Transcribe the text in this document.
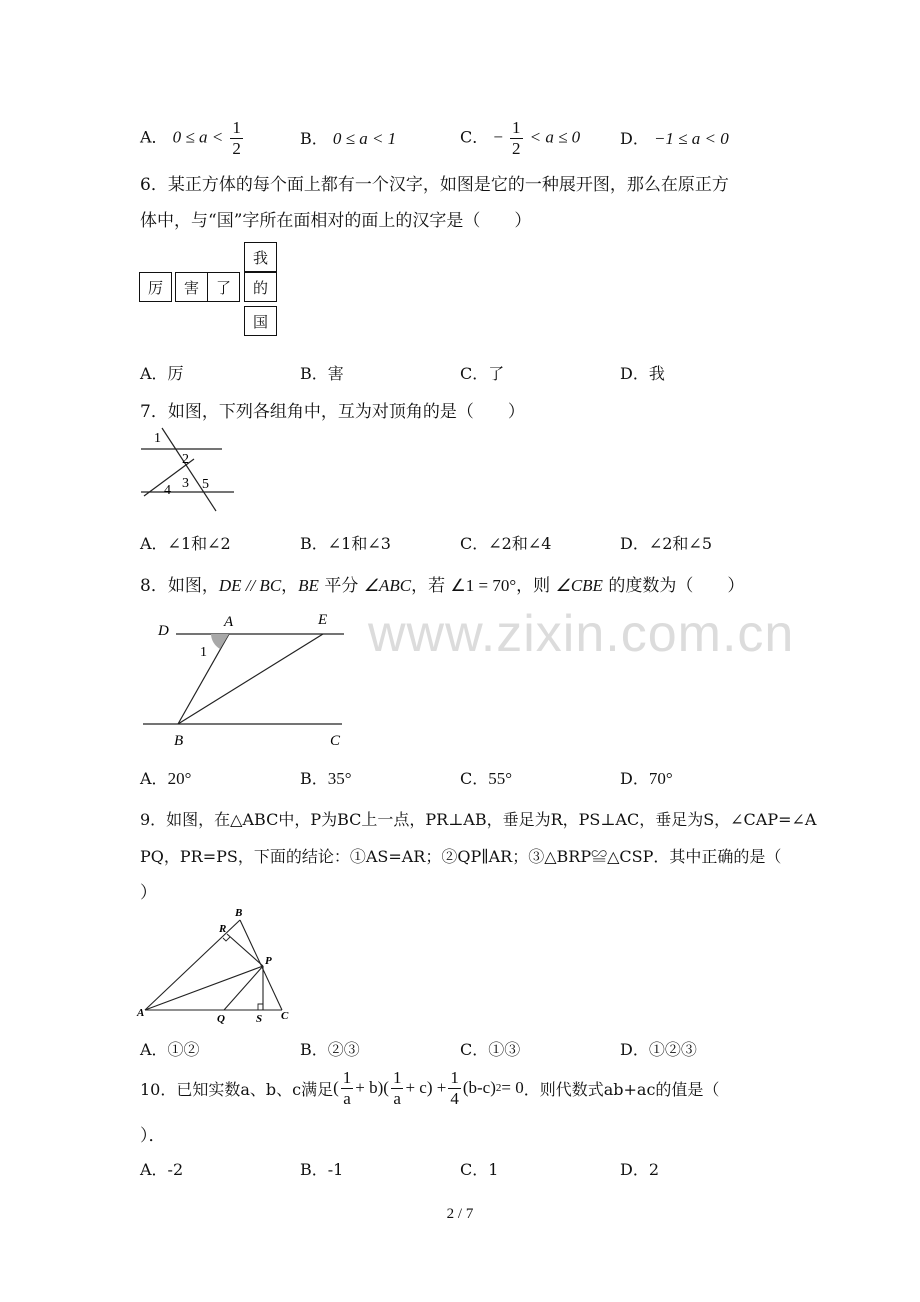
www.zixin.com.cn
A． $0 \le a < \frac{1}{2}$	B． 0 ≤ a < 1	C． − $\frac{1}{2} < a \le 0$ D． −1 ≤ a < 0
6．某正方体的每个面上都有一个汉字，如图是它的一种展开图，那么在原正方
体中，与“国”字所在面相对的面上的汉字是（　　）
厉	害	了
我
的
国
A．厉	B．害	C．了	D．我
7．如图，下列各组角中，互为对顶角的是（　　）
1
2
3
4 5
A．∠1和∠2	B．∠1和∠3	C．∠2和∠4	D．∠2和∠5
8．如图，DE // BC，BE 平分 ∠ABC，若 ∠1 = 70°，则 ∠CBE 的度数为（　　）
D
A	E
B	C
1
A．20°	B．35°	C．55°	D．70°
9．如图，在△ABC中，P为BC上一点，PR⊥AB，垂足为R，PS⊥AC，垂足为S，∠CAP=∠A
PQ，PR=PS，下面的结论：①AS=AR；②QP∥AR；③△BRP≌△CSP．其中正确的是（
）
A
B
C
P
Q
R
S
A．①②	B．②③	C．①③	D．①②③
10．已知实数a、b、c满足 ( $\frac{1}{a} + b)( \frac{1}{a} + c) + \frac{1}{4} (b-c)$ 2 = 0 ．则代数式ab+ac的值是（
）．
A．-2	B．-1	C．1	D．2
2 / 7
